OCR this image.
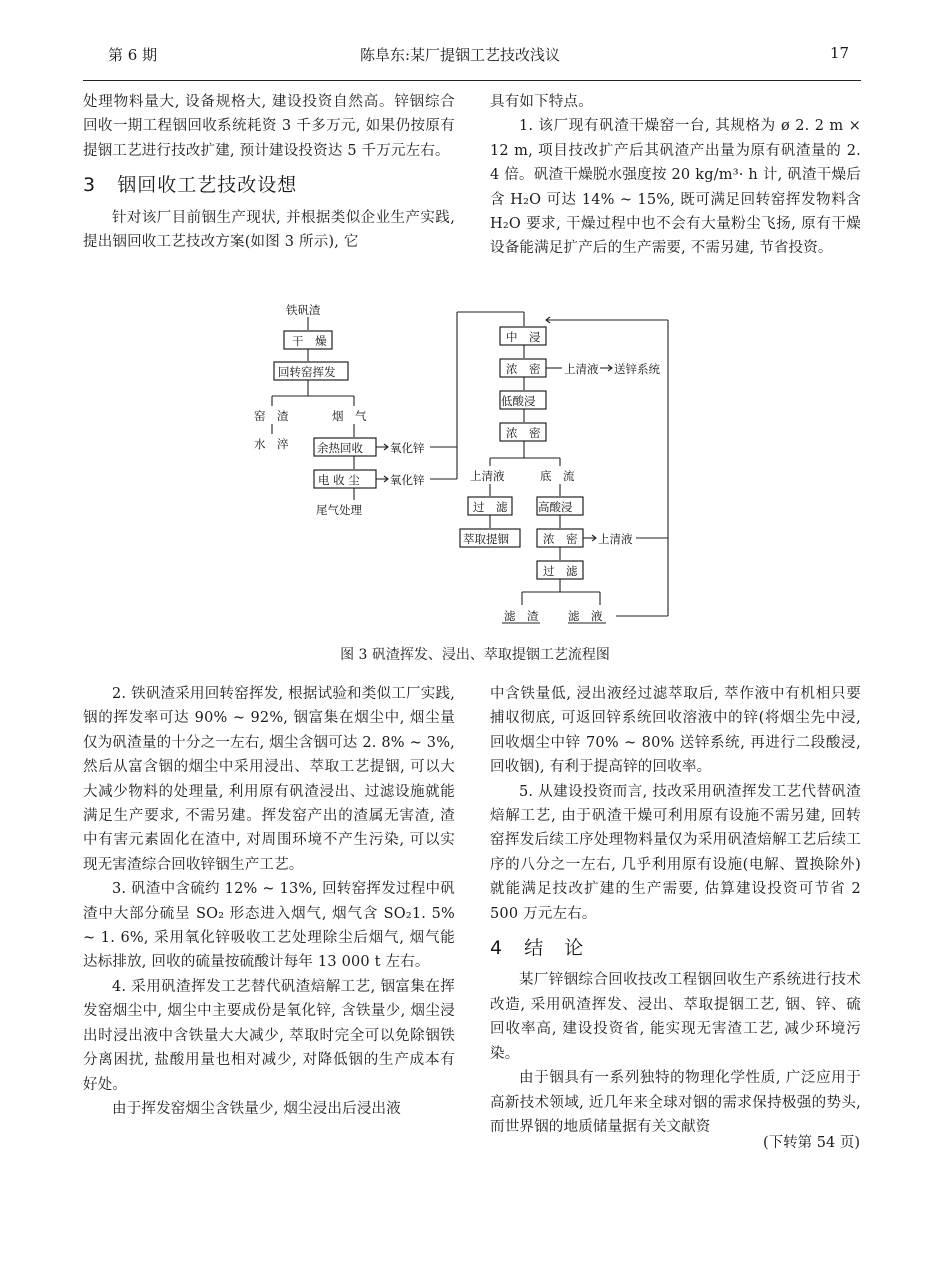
第 6 期	陈阜东:某厂提铟工艺技改浅议	17

处理物料量大, 设备规格大, 建设投资自然高。锌铟综合回收一期工程铟回收系统耗资 3 千多万元, 如果仍按原有提铟工艺进行技改扩建, 预计建设投资达 5 千万元左右。

3 铟回收工艺技改设想

针对该厂目前铟生产现状, 并根据类似企业生产实践, 提出铟回收工艺技改方案(如图 3 所示), 它

具有如下特点。

1. 该厂现有矾渣干燥窑一台, 其规格为 ø 2. 2 m × 12 m, 项目技改扩产后其矾渣产出量为原有矾渣量的 2. 4 倍。矾渣干燥脱水强度按 20 kg/m³· h 计, 矾渣干燥后含 H₂O 可达 14% ~ 15%, 既可满足回转窑挥发物料含 H₂O 要求, 干燥过程中也不会有大量粉尘飞扬, 原有干燥设备能满足扩产后的生产需要, 不需另建, 节省投资。

铁矾渣
干　燥
回转窑挥发
窑　渣	烟　气
水　淬 余热回收 氧化锌
电 收 尘	氧化锌
尾气处理
中　浸
浓　密 上清液 送锌系统
低酸浸
浓　密
上清液	底　流
过　滤
萃取提铟
高酸浸
浓　密 上清液
过　滤
滤　渣	滤　液
图 3 矾渣挥发、浸出、萃取提铟工艺流程图

2. 铁矾渣采用回转窑挥发, 根据试验和类似工厂实践, 铟的挥发率可达 90% ~ 92%, 铟富集在烟尘中, 烟尘量仅为矾渣量的十分之一左右, 烟尘含铟可达 2. 8% ~ 3%, 然后从富含铟的烟尘中采用浸出、萃取工艺提铟, 可以大大减少物料的处理量, 利用原有矾渣浸出、过滤设施就能满足生产要求, 不需另建。挥发窑产出的渣属无害渣, 渣中有害元素固化在渣中, 对周围环境不产生污染, 可以实现无害渣综合回收锌铟生产工艺。

3. 矾渣中含硫约 12% ~ 13%, 回转窑挥发过程中矾渣中大部分硫呈 SO₂ 形态进入烟气, 烟气含 SO₂1. 5% ~ 1. 6%, 采用氧化锌吸收工艺处理除尘后烟气, 烟气能达标排放, 回收的硫量按硫酸计每年 13 000 t 左右。

4. 采用矾渣挥发工艺替代矾渣焙解工艺, 铟富集在挥发窑烟尘中, 烟尘中主要成份是氧化锌, 含铁量少, 烟尘浸出时浸出液中含铁量大大减少, 萃取时完全可以免除铟铁分离困扰, 盐酸用量也相对减少, 对降低铟的生产成本有好处。

由于挥发窑烟尘含铁量少, 烟尘浸出后浸出液

中含铁量低, 浸出液经过滤萃取后, 萃作液中有机相只要捕収彻底, 可返回锌系统回收溶液中的锌(将烟尘先中浸, 回收烟尘中锌 70% ~ 80% 送锌系统, 再进行二段酸浸, 回收铟), 有利于提高锌的回收率。

5. 从建设投资而言, 技改采用矾渣挥发工艺代替矾渣焙解工艺, 由于矾渣干燥可利用原有设施不需另建, 回转窑挥发后续工序处理物料量仅为采用矾渣焙解工艺后续工序的八分之一左右, 几乎利用原有设施(电解、置换除外)就能满足技改扩建的生产需要, 估算建设投资可节省 2 500 万元左右。

4 结　论

某厂锌铟综合回收技改工程铟回收生产系统进行技术改造, 采用矾渣挥发、浸出、萃取提铟工艺, 铟、锌、硫回收率高, 建设投资省, 能实现无害渣工艺, 减少环境污染。

由于铟具有一系列独特的物理化学性质, 广泛应用于高新技术领域, 近几年来全球对铟的需求保持极强的势头, 而世界铟的地质储量据有关文献资

(下转第 54 页)
